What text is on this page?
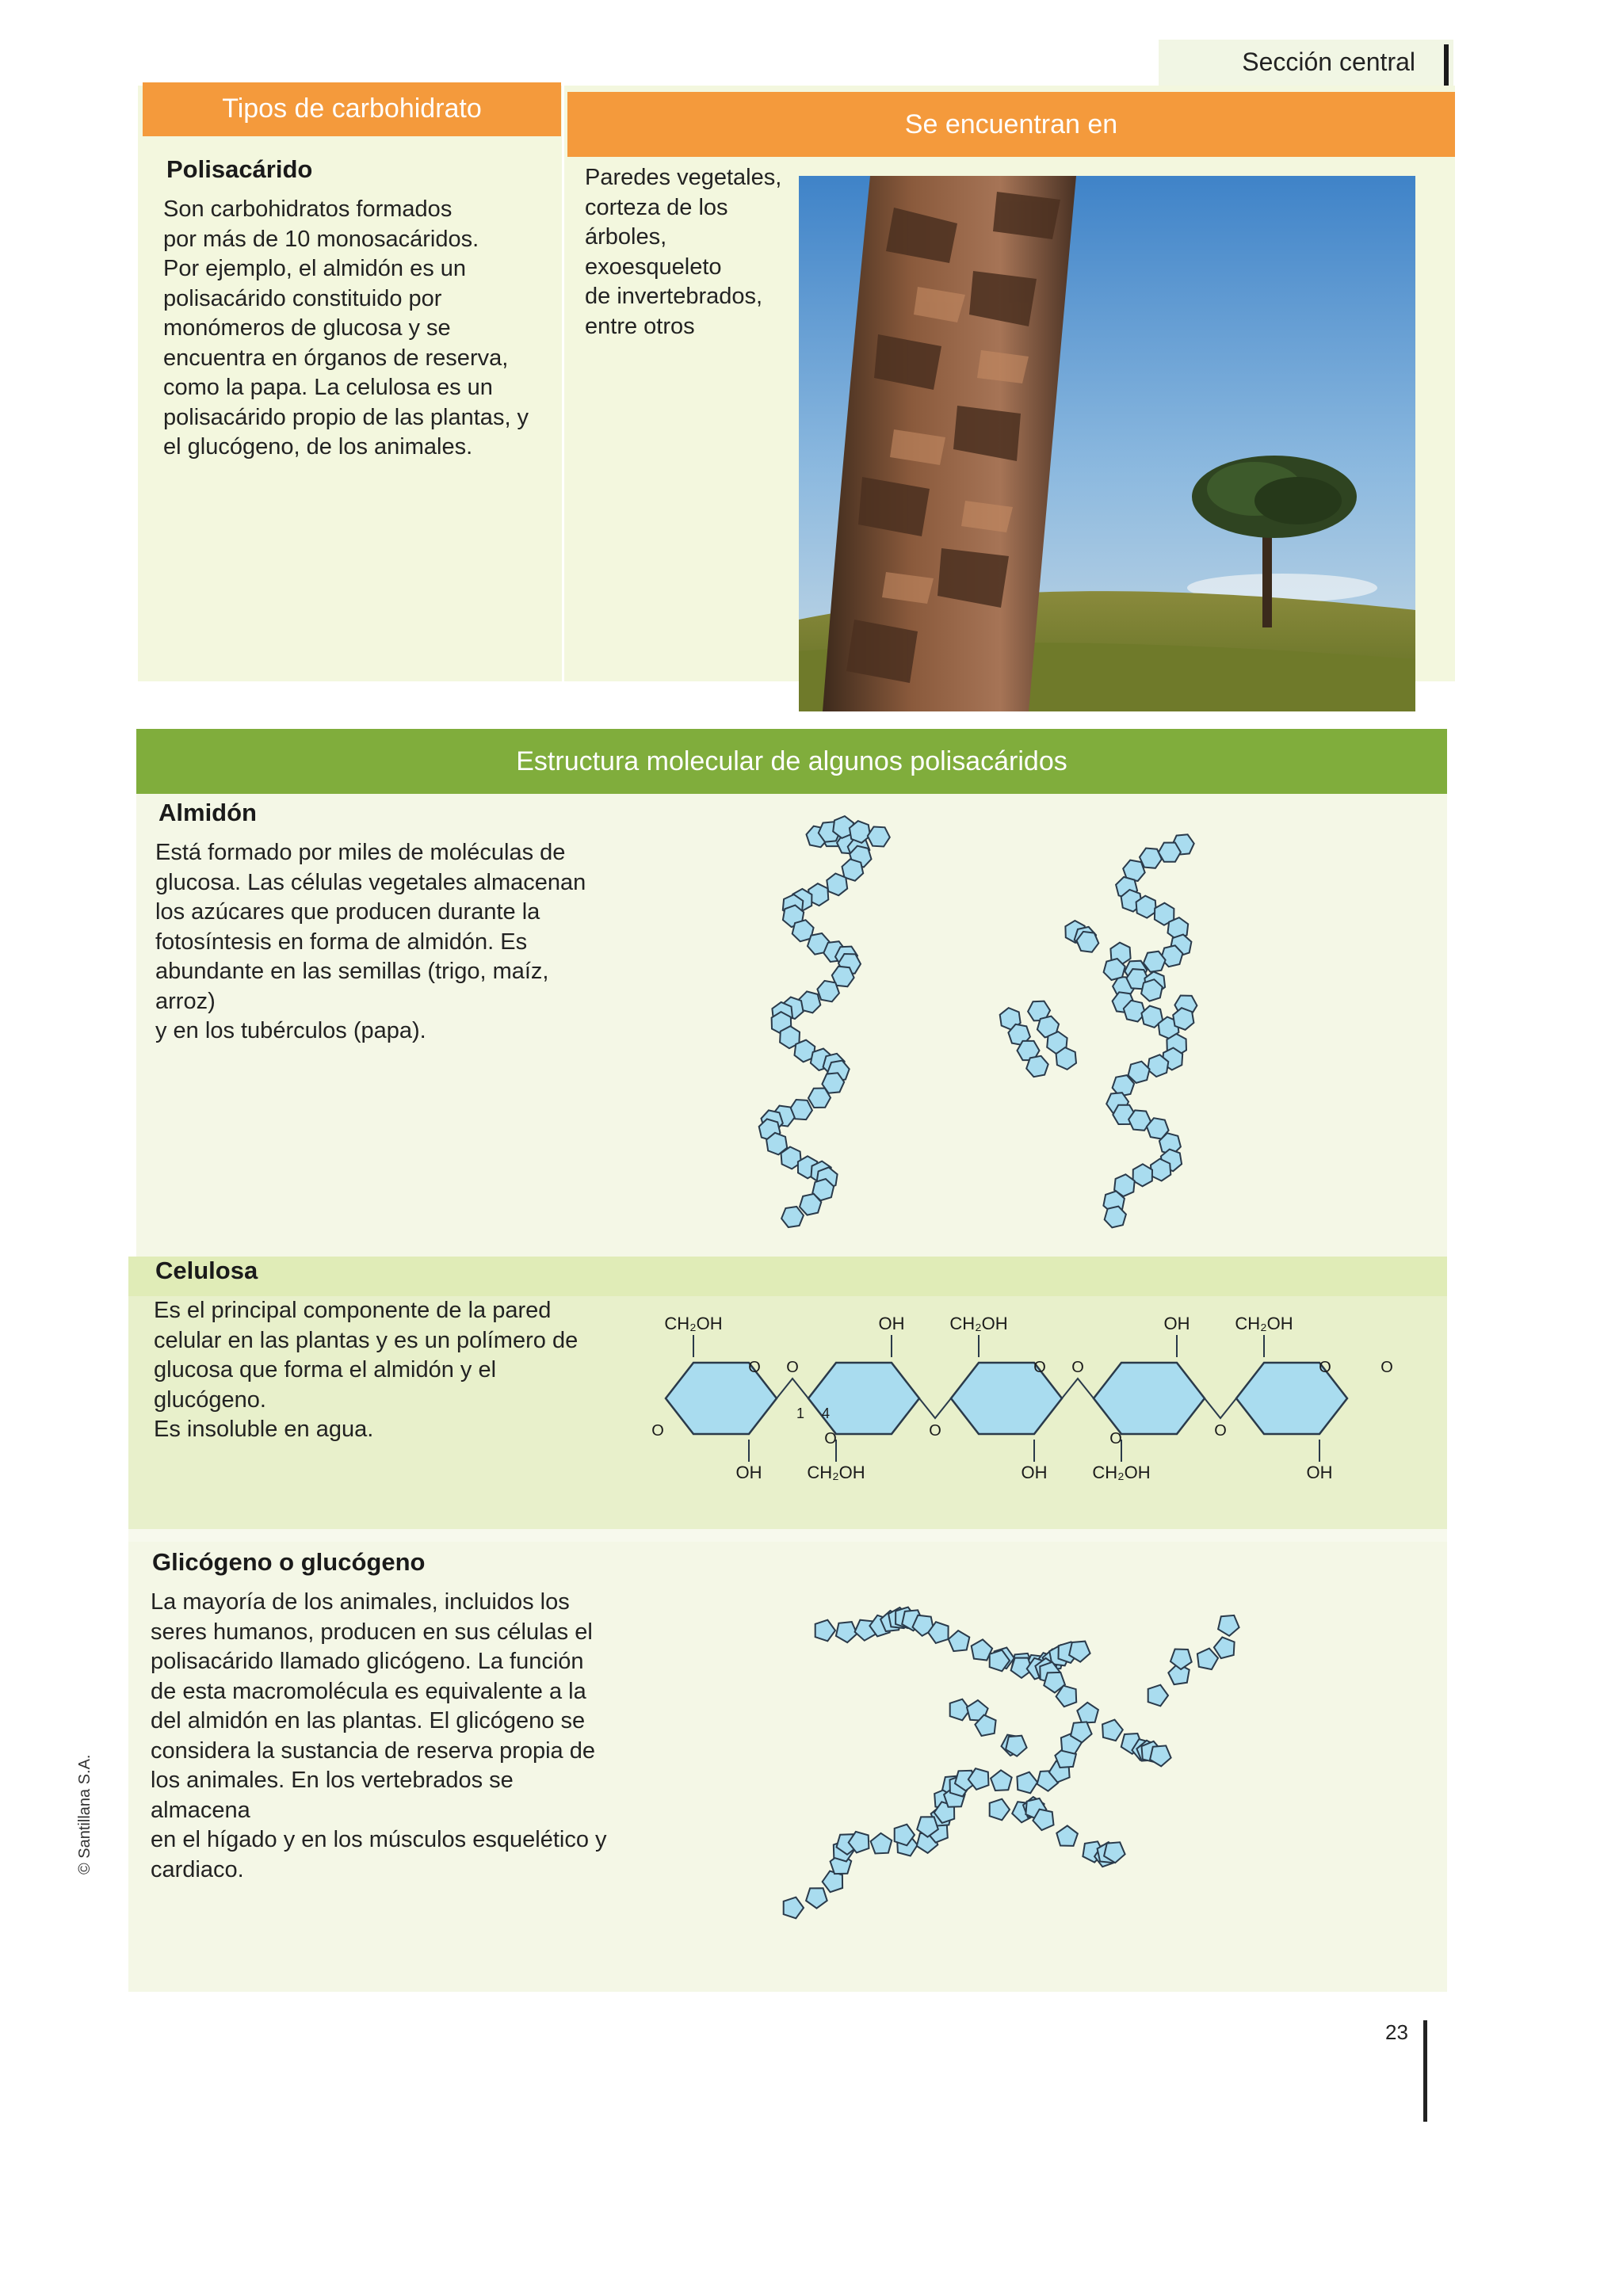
Sección central
Tipos de carbohidrato
Se encuentran en
Polisacárido
Son carbohidratos formados
por más de 10 monosacáridos.
Por ejemplo, el almidón es un
polisacárido constituido por
monómeros de glucosa y se
encuentra en órganos de reserva,
como la papa. La celulosa es un
polisacárido propio de las plantas, y
el glucógeno, de los animales.
Paredes vegetales,
corteza de los
árboles,
exoesqueleto
de invertebrados,
entre otros
Estructura molecular de algunos polisacáridos
Almidón
Está formado por miles de moléculas de
glucosa. Las células vegetales almacenan
los azúcares que producen durante la
fotosíntesis en forma de almidón. Es
abundante en las semillas (trigo, maíz, arroz)
y en los tubérculos (papa).
Celulosa
Es el principal componente de la pared
celular en las plantas y es un polímero de
glucosa que forma el almidón y el glucógeno.
Es insoluble en agua.
Glicógeno o glucógeno
La mayoría de los animales, incluidos los
seres humanos, producen en sus células el
polisacárido llamado glicógeno. La función
de esta macromolécula es equivalente a la
del almidón en las plantas. El glicógeno se
considera la sustancia de reserva propia de
los animales. En los vertebrados se almacena
en el hígado y en los músculos esquelético y
cardiaco.
CH₂OH
OH
O O
OH
CH₂OH
O	O
CH₂OH
OH
O O
OH
CH₂OH
O	O
CH₂OH
OH
O
O
O
1 4
© Santillana S.A.
23
